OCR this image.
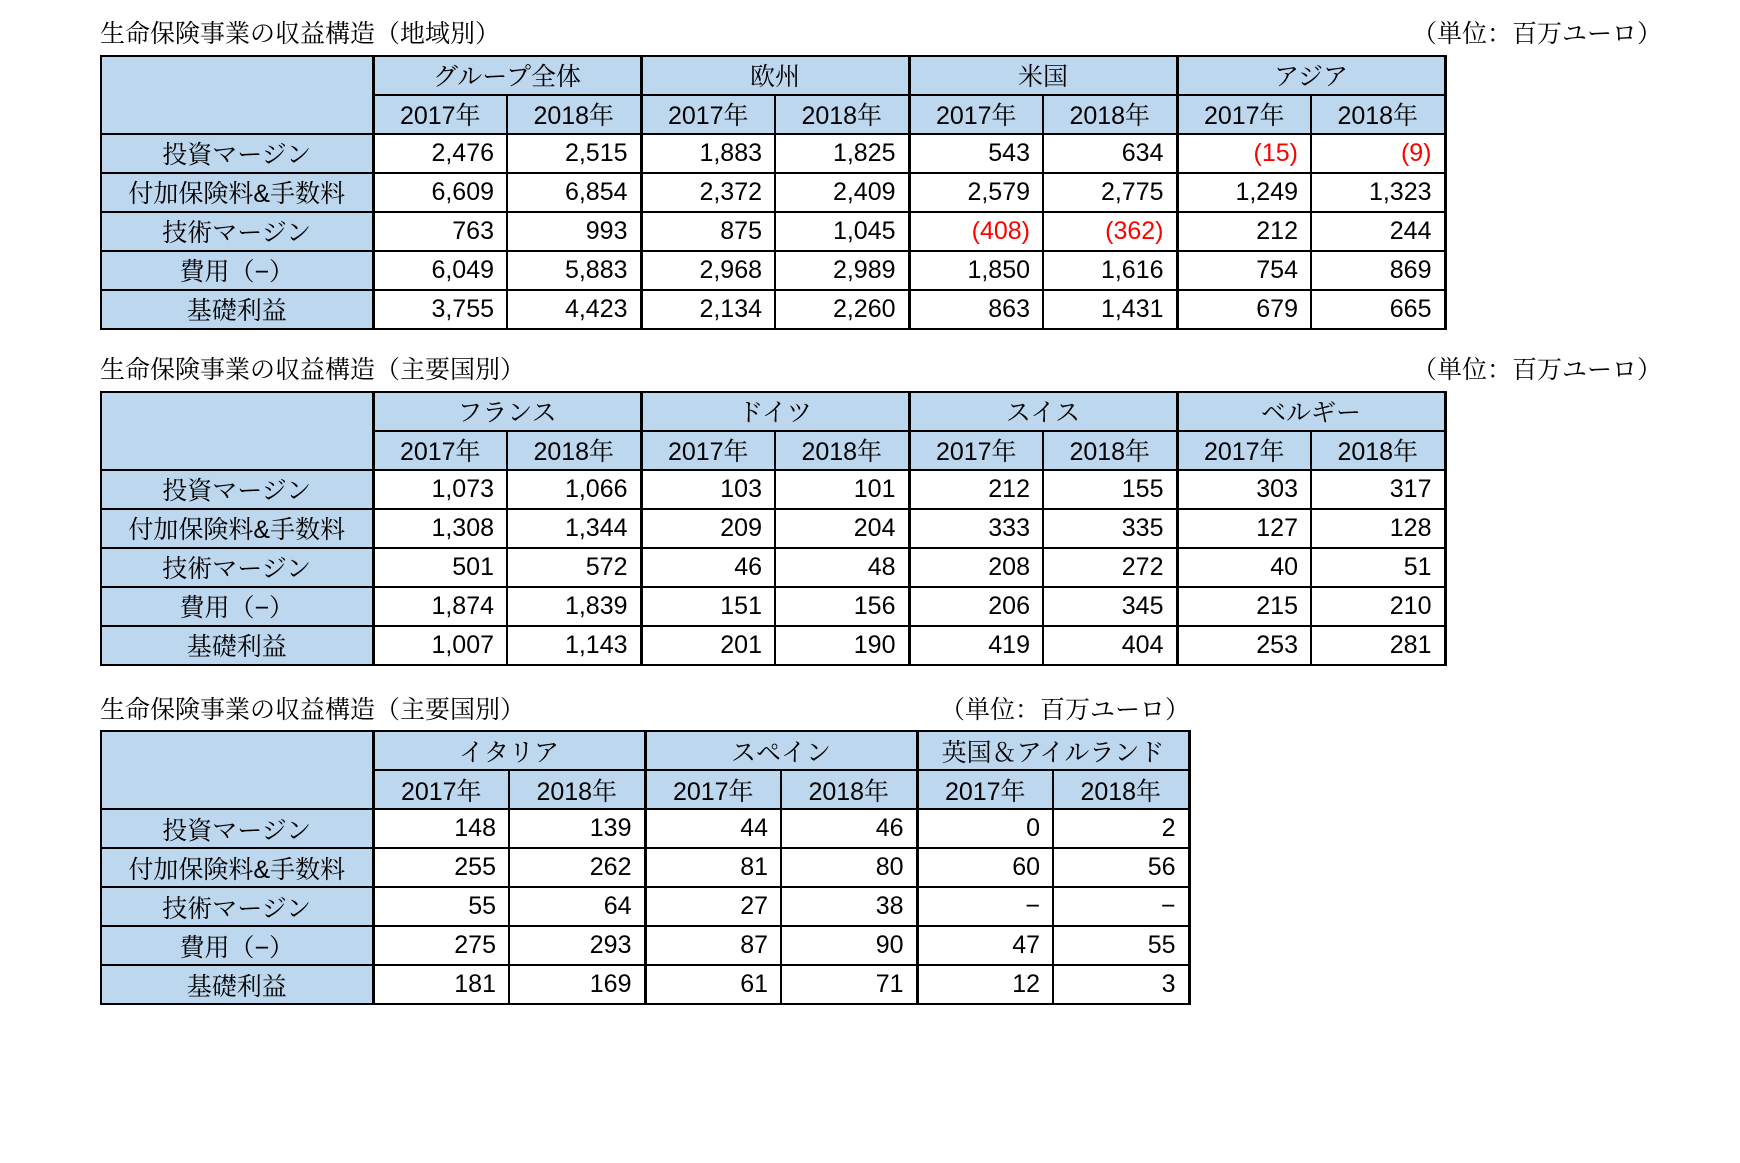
生命保険事業の収益構造（地域別）	（単位：百万ユーロ）
	グループ全体		欧州		米国		アジア	
	2017年	2018年	2017年	2018年	2017年	2018年	2017年	2018年
投資マージン	2,476	2,515	1,883	1,825	543	634	(15)	(9)
付加保険料&手数料	6,609	6,854	2,372	2,409	2,579	2,775	1,249	1,323
技術マージン	763	993	875	1,045	(408)	(362)	212	244
費用（−）	6,049	5,883	2,968	2,989	1,850	1,616	754	869
基礎利益	3,755	4,423	2,134	2,260	863	1,431	679	665
生命保険事業の収益構造（主要国別）	（単位：百万ユーロ）
	フランス		ドイツ		スイス		ベルギー	
	2017年	2018年	2017年	2018年	2017年	2018年	2017年	2018年
投資マージン	1,073	1,066	103	101	212	155	303	317
付加保険料&手数料	1,308	1,344	209	204	333	335	127	128
技術マージン	501	572	46	48	208	272	40	51
費用（−）	1,874	1,839	151	156	206	345	215	210
基礎利益	1,007	1,143	201	190	419	404	253	281
生命保険事業の収益構造（主要国別）	（単位：百万ユーロ）
	イタリア		スペイン		英国＆アイルランド	
	2017年	2018年	2017年	2018年	2017年	2018年
投資マージン	148	139	44	46	0	2
付加保険料&手数料	255	262	81	80	60	56
技術マージン	55	64	27	38	−	−
費用（−）	275	293	87	90	47	55
基礎利益	181	169	61	71	12	3
